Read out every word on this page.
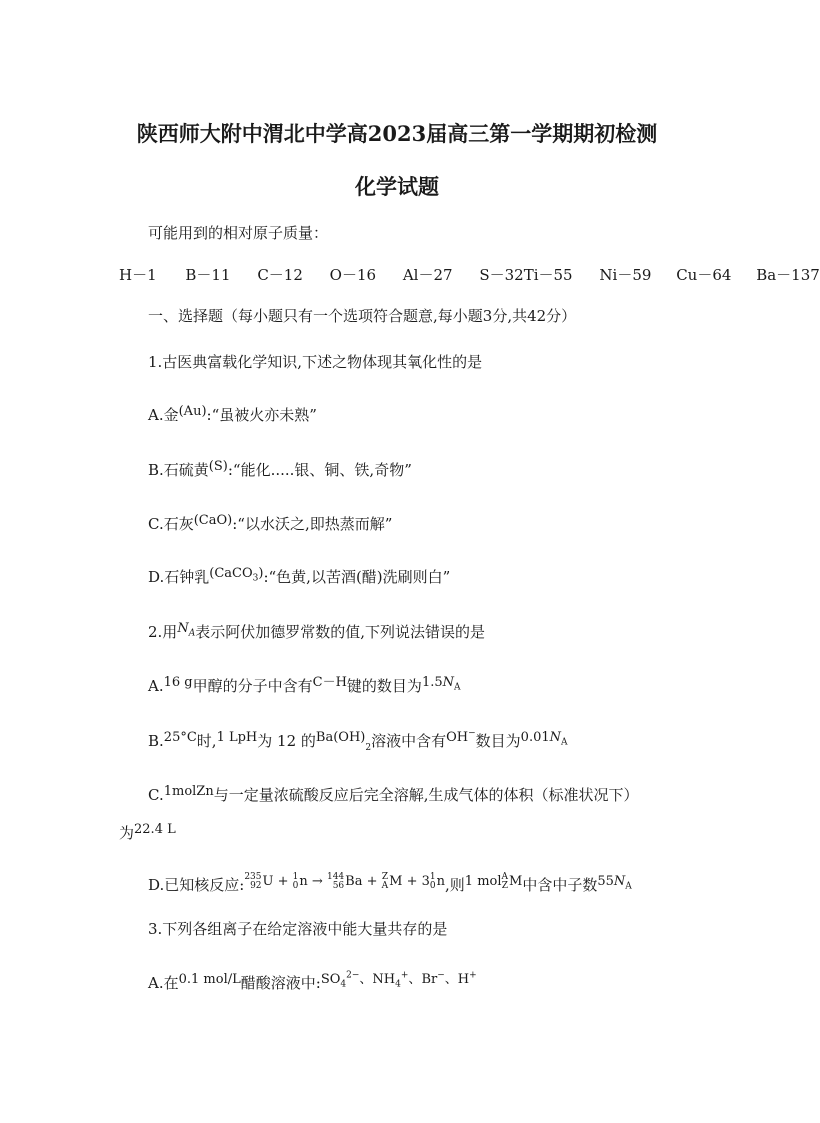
陕西师大附中渭北中学高2023届高三第一学期期初检测
化学试题
可能用到的相对原子质量：
H－1 B－11 C－12 O－16 Al－27 S－32Ti－55 Ni－59 Cu－64 Ba－137
一、选择题（每小题只有一个选项符合题意,每小题3分,共42分）
1.古医典富载化学知识,下述之物体现其氧化性的是
A.金(Au):“虽被火亦未熟”
B.石硫黄(S):“能化.....银、铜、铁,奇物”
C.石灰(CaO):“以水沃之,即热蒸而解”
D.石钟乳(CaCO$_3$):“色黄,以苦酒(醋)洗刷则白”
2.用$N_A$表示阿伏加德罗常数的值,下列说法错误的是
A.16 g甲醇的分子中含有C－H键的数目为$1.5N_A$
B.25°C时,1 LpH为 12 的$Ba(OH)_2$溶液中含有OH−数目为$0.01N_A$
C.1molZn与一定量浓硫酸反应后完全溶解,生成气体的体积（标准状况下）
为22.4 L
D.已知核反应: 235
92 U + 1
0 n → 144
56 Ba + Z
A M + 3 1
0 n,则1 mol A
Z M中含中子数$55N_A$
3.下列各组离子在给定溶液中能大量共存的是
A.在0.1 mol/L醋酸溶液中$:SO_4^{2-}$、$NH_4^+$、Br−、H+
